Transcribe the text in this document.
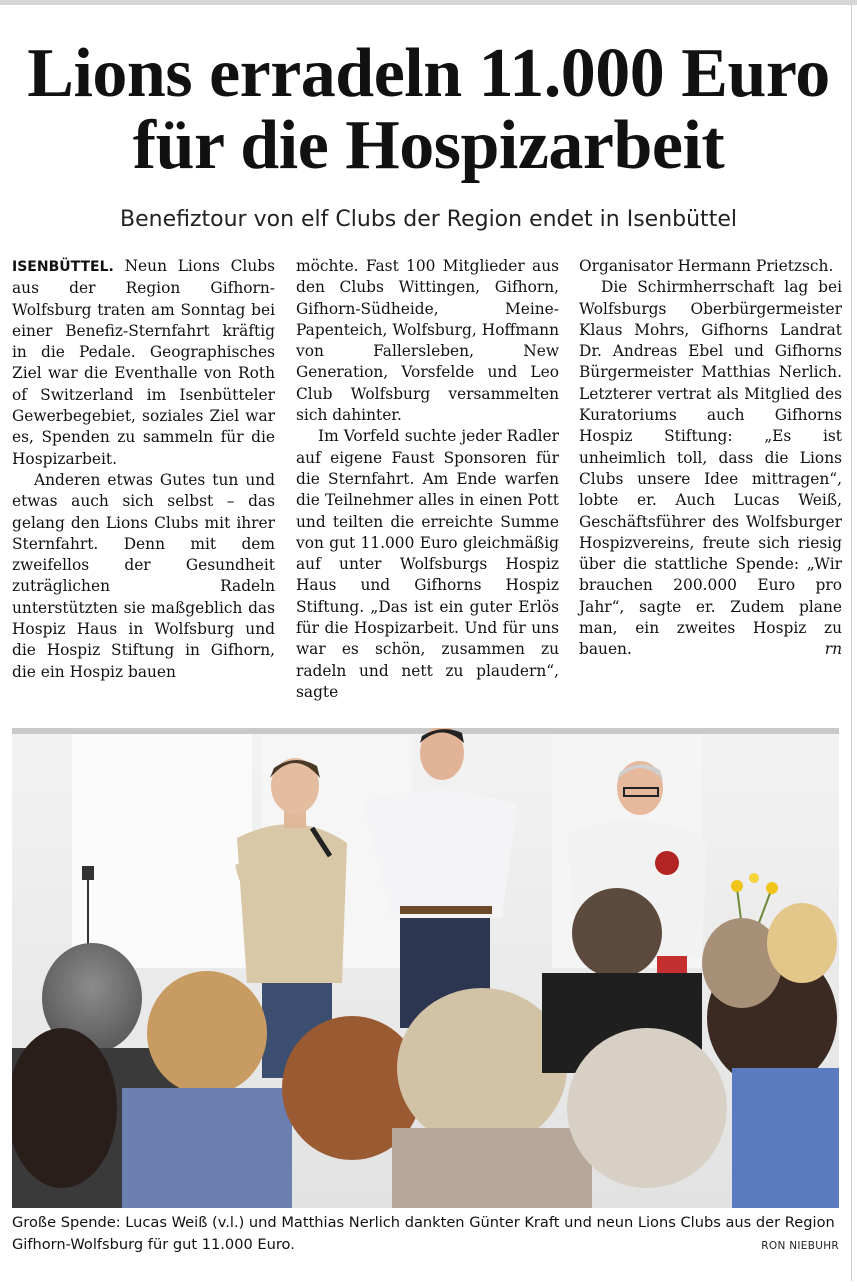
Lions erradeln 11.000 Euro
für die Hospizarbeit
Benefiztour von elf Clubs der Region endet in Isenbüttel

ISENBÜTTEL. Neun Lions Clubs aus der Region Gifhorn-Wolfsburg traten am Sonntag bei einer Benefiz-Sternfahrt kräftig in die Pedale. Geographisches Ziel war die Eventhalle von Roth of Switzerland im Isenbütteler Gewerbegebiet, soziales Ziel war es, Spenden zu sammeln für die Hospizarbeit.

Anderen etwas Gutes tun und etwas auch sich selbst – das gelang den Lions Clubs mit ihrer Sternfahrt. Denn mit dem zweifellos der Gesundheit zuträglichen Radeln unterstützten sie maßgeblich das Hospiz Haus in Wolfsburg und die Hospiz Stiftung in Gifhorn, die ein Hospiz bauen

möchte. Fast 100 Mitglieder aus den Clubs Wittingen, Gifhorn, Gifhorn-Südheide, Meine-Papenteich, Wolfsburg, Hoffmann von Fallersleben, New Generation, Vorsfelde und Leo Club Wolfsburg versammelten sich dahinter.

Im Vorfeld suchte jeder Radler auf eigene Faust Sponsoren für die Sternfahrt. Am Ende warfen die Teilnehmer alles in einen Pott und teilten die erreichte Summe von gut 11.000 Euro gleichmäßig auf unter Wolfsburgs Hospiz Haus und Gifhorns Hospiz Stiftung. „Das ist ein guter Erlös für die Hospizarbeit. Und für uns war es schön, zusammen zu radeln und nett zu plaudern“, sagte

Organisator Hermann Prietzsch.

Die Schirmherrschaft lag bei Wolfsburgs Oberbürgermeister Klaus Mohrs, Gifhorns Landrat Dr. Andreas Ebel und Gifhorns Bürgermeister Matthias Nerlich. Letzterer vertrat als Mitglied des Kuratoriums auch Gifhorns Hospiz Stiftung: „Es ist unheimlich toll, dass die Lions Clubs unsere Idee mittragen“, lobte er. Auch Lucas Weiß, Geschäftsführer des Wolfsburger Hospizvereins, freute sich riesig über die stattliche Spende: „Wir brauchen 200.000 Euro pro Jahr“, sagte er. Zudem plane man, ein zweites Hospiz zu bauen.	rn

Große Spende: Lucas Weiß (v.l.) und Matthias Nerlich dankten Günter Kraft und neun Lions Clubs aus der Region Gifhorn-Wolfsburg für gut 11.000 Euro.	RON NIEBUHR
